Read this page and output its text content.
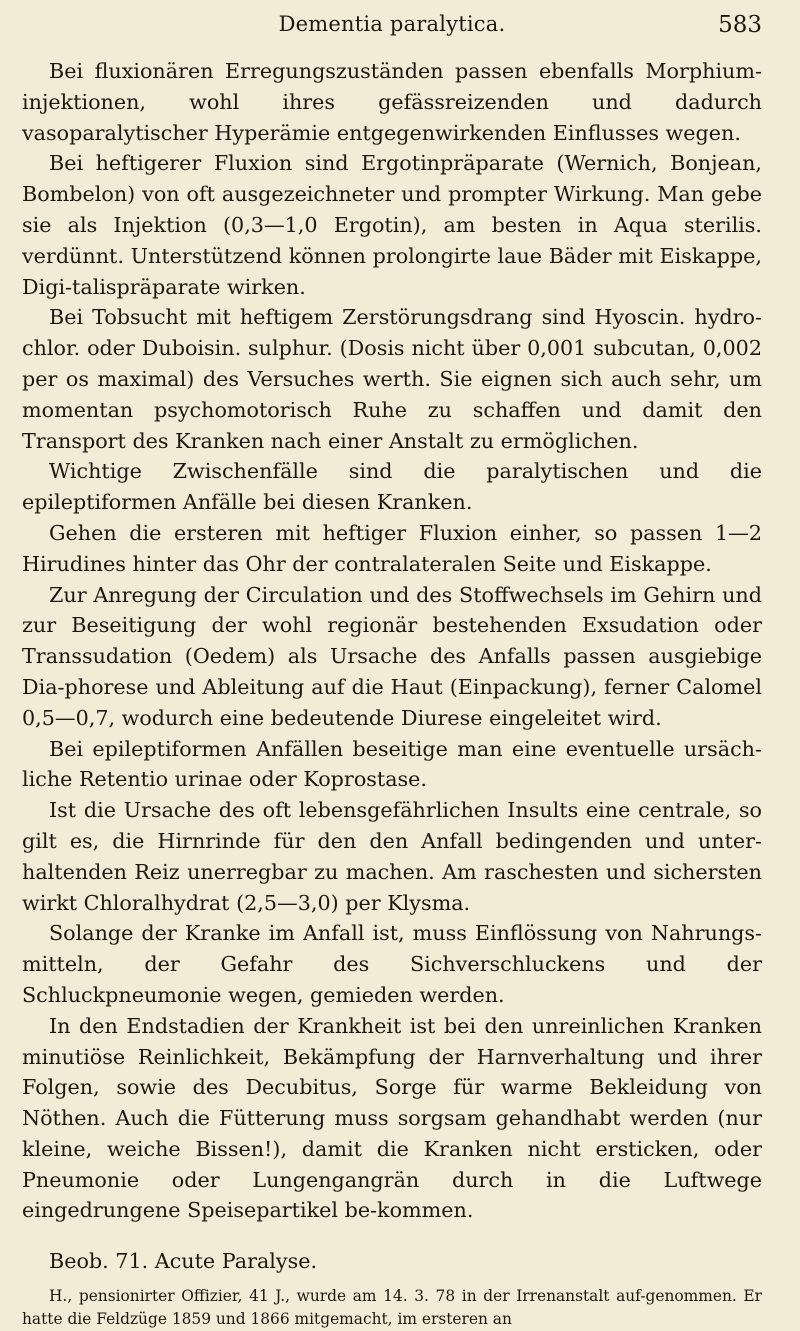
Dementia paralytica.	583

Bei fluxionären Erregungszuständen passen ebenfalls Morphium-injektionen, wohl ihres gefässreizenden und dadurch vasoparalytischer Hyperämie entgegenwirkenden Einflusses wegen.

Bei heftigerer Fluxion sind Ergotinpräparate (Wernich, Bonjean, Bombelon) von oft ausgezeichneter und prompter Wirkung. Man gebe sie als Injektion (0,3—1,0 Ergotin), am besten in Aqua sterilis. verdünnt. Unterstützend können prolongirte laue Bäder mit Eiskappe, Digi-talispräparate wirken.

Bei Tobsucht mit heftigem Zerstörungsdrang sind Hyoscin. hydro-chlor. oder Duboisin. sulphur. (Dosis nicht über 0,001 subcutan, 0,002 per os maximal) des Versuches werth. Sie eignen sich auch sehr, um momentan psychomotorisch Ruhe zu schaffen und damit den Transport des Kranken nach einer Anstalt zu ermöglichen.

Wichtige Zwischenfälle sind die paralytischen und die epileptiformen Anfälle bei diesen Kranken.

Gehen die ersteren mit heftiger Fluxion einher, so passen 1—2 Hirudines hinter das Ohr der contralateralen Seite und Eiskappe.

Zur Anregung der Circulation und des Stoffwechsels im Gehirn und zur Beseitigung der wohl regionär bestehenden Exsudation oder Transsudation (Oedem) als Ursache des Anfalls passen ausgiebige Dia-phorese und Ableitung auf die Haut (Einpackung), ferner Calomel 0,5—0,7, wodurch eine bedeutende Diurese eingeleitet wird.

Bei epileptiformen Anfällen beseitige man eine eventuelle ursäch-liche Retentio urinae oder Koprostase.

Ist die Ursache des oft lebensgefährlichen Insults eine centrale, so gilt es, die Hirnrinde für den den Anfall bedingenden und unter-haltenden Reiz unerregbar zu machen. Am raschesten und sichersten wirkt Chloralhydrat (2,5—3,0) per Klysma.

Solange der Kranke im Anfall ist, muss Einflössung von Nahrungs-mitteln, der Gefahr des Sichverschluckens und der Schluckpneumonie wegen, gemieden werden.

In den Endstadien der Krankheit ist bei den unreinlichen Kranken minutiöse Reinlichkeit, Bekämpfung der Harnverhaltung und ihrer Folgen, sowie des Decubitus, Sorge für warme Bekleidung von Nöthen. Auch die Fütterung muss sorgsam gehandhabt werden (nur kleine, weiche Bissen!), damit die Kranken nicht ersticken, oder Pneumonie oder Lungengangrän durch in die Luftwege eingedrungene Speisepartikel be-kommen.

Beob. 71. Acute Paralyse.
H., pensionirter Offizier, 41 J., wurde am 14. 3. 78 in der Irrenanstalt auf-genommen. Er hatte die Feldzüge 1859 und 1866 mitgemacht, im ersteren an
